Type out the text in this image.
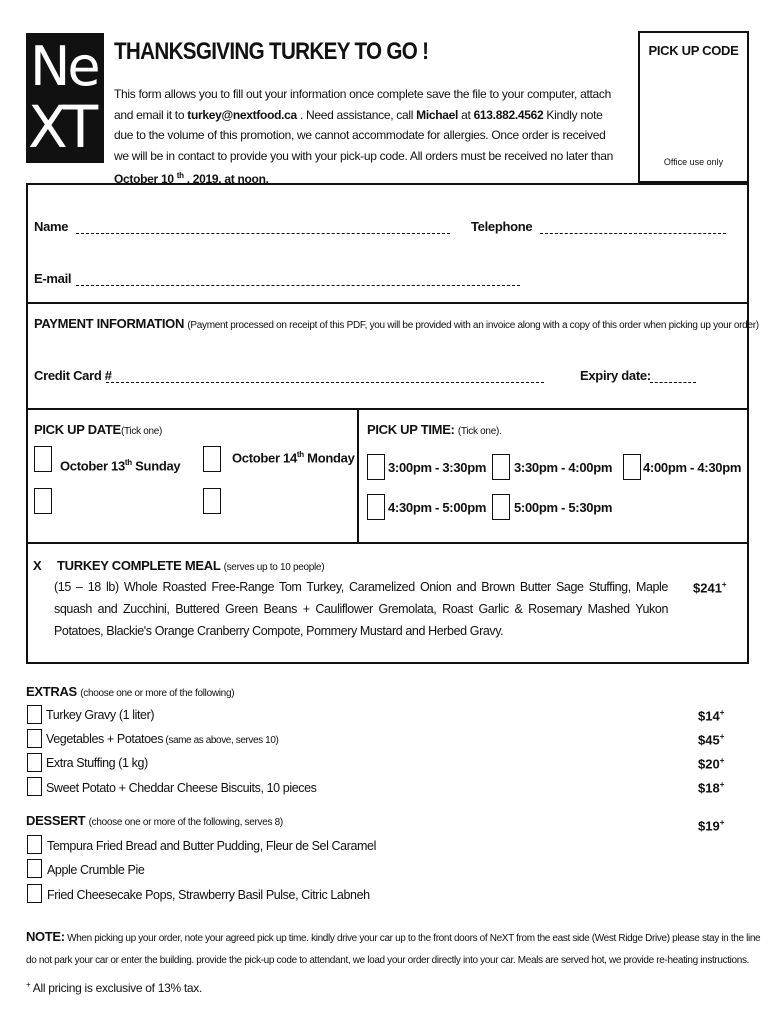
Ne
XT
THANKSGIVING TURKEY TO GO !
This form allows you to fill out your information once complete save the file to your computer, attach and email it to turkey@nextfood.ca . Need assistance, call Michael at 613.882.4562 Kindly note due to the volume of this promotion, we cannot accommodate for allergies. Once order is received we will be in contact to provide you with your pick-up code. All orders must be received no later than October 10 $^{th}$ , 2019, at noon.
PICK UP CODE
Office use only
Name	Telephone
E-mail
PAYMENT INFORMATION (Payment processed on receipt of this PDF, you will be provided with an invoice along with a copy of this order when picking up your order)
Credit Card #	Expiry date:
PICK UP DATE(Tick one)
October 13th Sunday
October 14th Monday
PICK UP TIME: (Tick one).
3:00pm - 3:30pm 3:30pm - 4:00pm 4:00pm - 4:30pm
4:30pm - 5:00pm 5:00pm - 5:30pm
X TURKEY COMPLETE MEAL (serves up to 10 people)
(15 – 18 lb) Whole Roasted Free-Range Tom Turkey, Caramelized Onion and Brown Butter Sage Stuffing, Maple squash and Zucchini, Buttered Green Beans + Cauliflower Gremolata, Roast Garlic & Rosemary Mashed Yukon Potatoes, Blackie's Orange Cranberry Compote, Pommery Mustard and Herbed Gravy.
$241+
EXTRAS (choose one or more of the following)
Turkey Gravy (1 liter)	$14+
Vegetables + Potatoes (same as above, serves 10)	$45+
Extra Stuffing (1 kg)	$20+
Sweet Potato + Cheddar Cheese Biscuits, 10 pieces	$18+
DESSERT (choose one or more of the following, serves 8)	$19+
Tempura Fried Bread and Butter Pudding, Fleur de Sel Caramel
Apple Crumble Pie
Fried Cheesecake Pops, Strawberry Basil Pulse, Citric Labneh
NOTE: When picking up your order, note your agreed pick up time. kindly drive your car up to the front doors of NeXT from the east side (West Ridge Drive) please stay in the line do not park your car or enter the building. provide the pick-up code to attendant, we load your order directly into your car. Meals are served hot, we provide re-heating instructions.
+ All pricing is exclusive of 13% tax.
